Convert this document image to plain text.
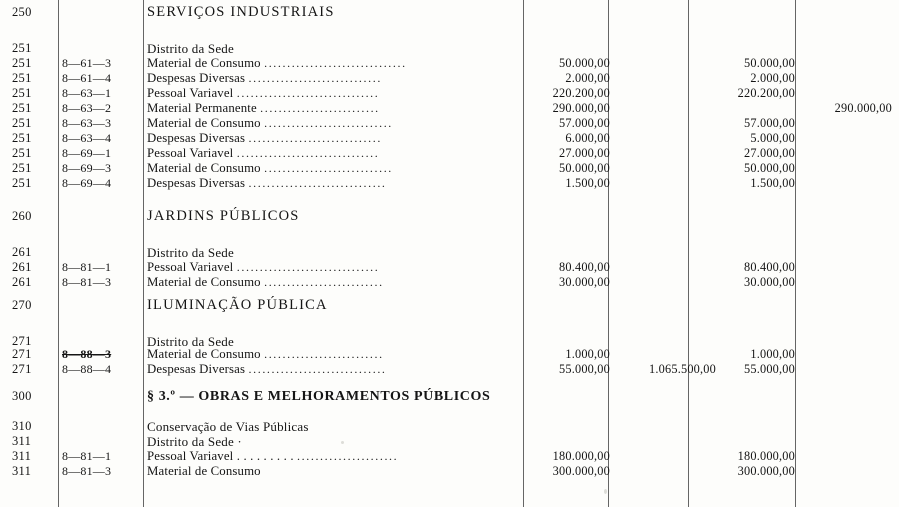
250	SERVIÇOS INDUSTRIAIS
251	Distrito da Sede
251	8—61—3	Material de Consumo ...............................	50.000,00	50.000,00
251	8—61—4	Despesas Diversas .............................	2.000,00	2.000,00
251	8—63—1	Pessoal Variavel ...............................	220.200,00	220.200,00
251	8—63—2	Material Permanente ..........................	290.000,00	290.000,00
251	8—63—3	Material de Consumo ............................	57.000,00	57.000,00
251	8—63—4	Despesas Diversas .............................	6.000,00	5.000,00
251	8—69—1	Pessoal Variavel ...............................	27.000,00	27.000,00
251	8—69—3	Material de Consumo ............................	50.000,00	50.000,00
251	8—69—4	Despesas Diversas ..............................	1.500,00	1.500,00
260	JARDINS PÚBLICOS
261	Distrito da Sede
261	8—81—1	Pessoal Variavel ...............................	80.400,00	80.400,00
261	8—81—3	Material de Consumo ..........................	30.000,00	30.000,00
270	ILUMINAÇÃO PÚBLICA
271	Distrito da Sede
271	8—88—3	Material de Consumo ..........................	1.000,00	1.000,00
271	8—88—4	Despesas Diversas ..............................	55.000,00	1.065.500,00	55.000,00
300	§ 3.º — OBRAS E MELHORAMENTOS PÚBLICOS
310	Conservação de Vias Públicas
311	Distrito da Sede ·
311	8—81—1	Pessoal Variavel . . . . . . . . . ......................	180.000,00	180.000,00
311	8—81—3	Material de Consumo	300.000,00	300.000,00
